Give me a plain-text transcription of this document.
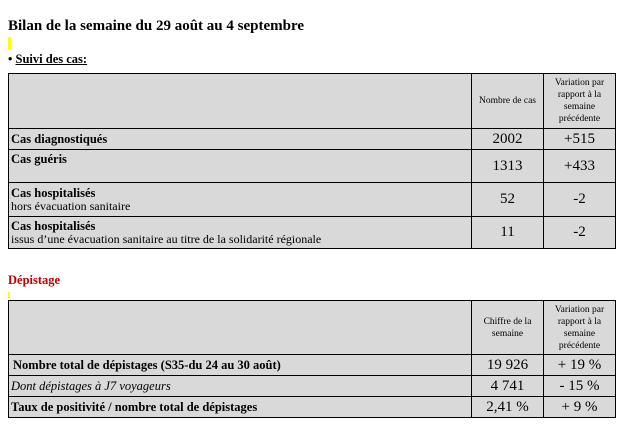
Bilan de la semaine du 29 août au 4 septembre
• Suivi des cas:
	Nombre de cas	Variation par rapport à la semaine précédente
Cas diagnostiqués	2002	+515
Cas guéris	1313	+433

Cas hospitalisés
hors évacuation sanitaire	52	-2

Cas hospitalisés
issus d’une évacuation sanitaire au titre de la solidarité régionale	11	-2
Dépistage
	Chiffre de la semaine	Variation par rapport à la semaine précédente
Nombre total de dépistages (S35-du 24 au 30 août)	19 926	+ 19 %
Dont dépistages à J7 voyageurs	4 741	- 15 %
Taux de positivité / nombre total de dépistages	2,41 %	+ 9 %
